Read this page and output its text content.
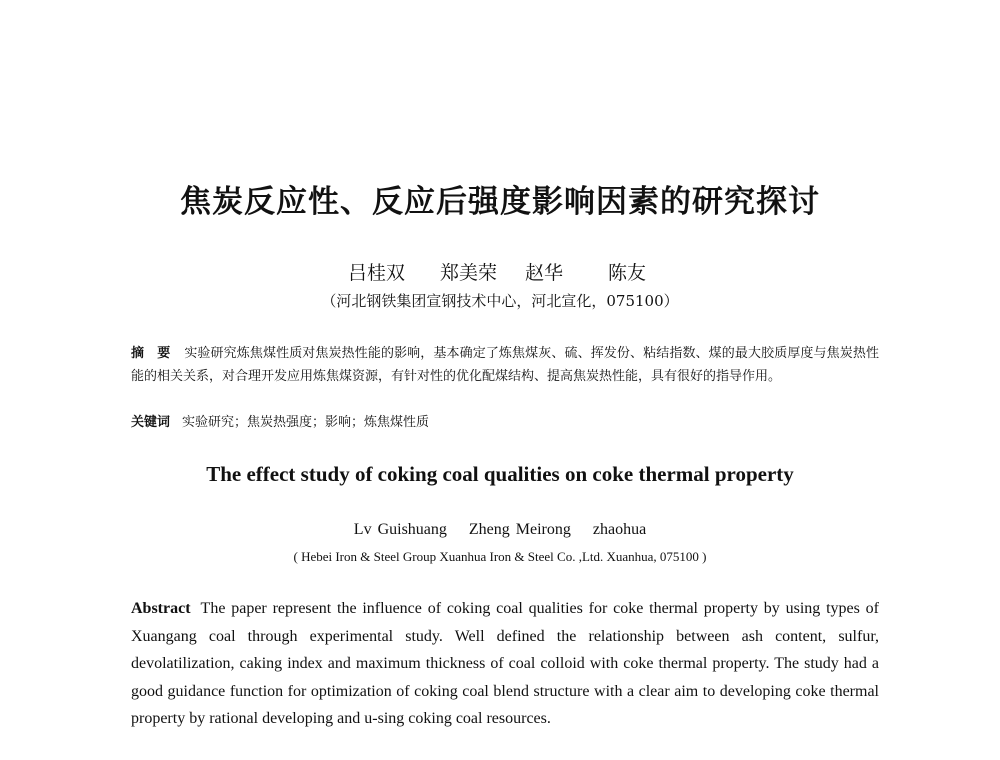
焦炭反应性、反应后强度影响因素的研究探讨
吕桂双 郑美荣 赵华 陈友
（河北钢铁集团宣钢技术中心，河北宣化，075100）
摘　要 实验研究炼焦煤性质对焦炭热性能的影响，基本确定了炼焦煤灰、硫、挥发份、粘结指数、煤的最大胶质厚度与焦炭热性能的相关关系，对合理开发应用炼焦煤资源，有针对性的优化配煤结构、提高焦炭热性能，具有很好的指导作用。
关键词 实验研究；焦炭热强度；影响；炼焦煤性质
The effect study of coking coal qualities on coke thermal property
Lv Guishuang Zheng Meirong zhaohua
( Hebei Iron & Steel Group Xuanhua Iron & Steel Co. ,Ltd. Xuanhua, 075100 )
Abstract The paper represent the influence of coking coal qualities for coke thermal property by using types of Xuangang coal through experimental study. Well defined the relationship between ash content, sulfur, devolatilization, caking index and maximum thickness of coal colloid with coke thermal property. The study had a good guidance function for optimization of coking coal blend structure with a clear aim to developing coke thermal property by rational developing and u-sing coking coal resources.
